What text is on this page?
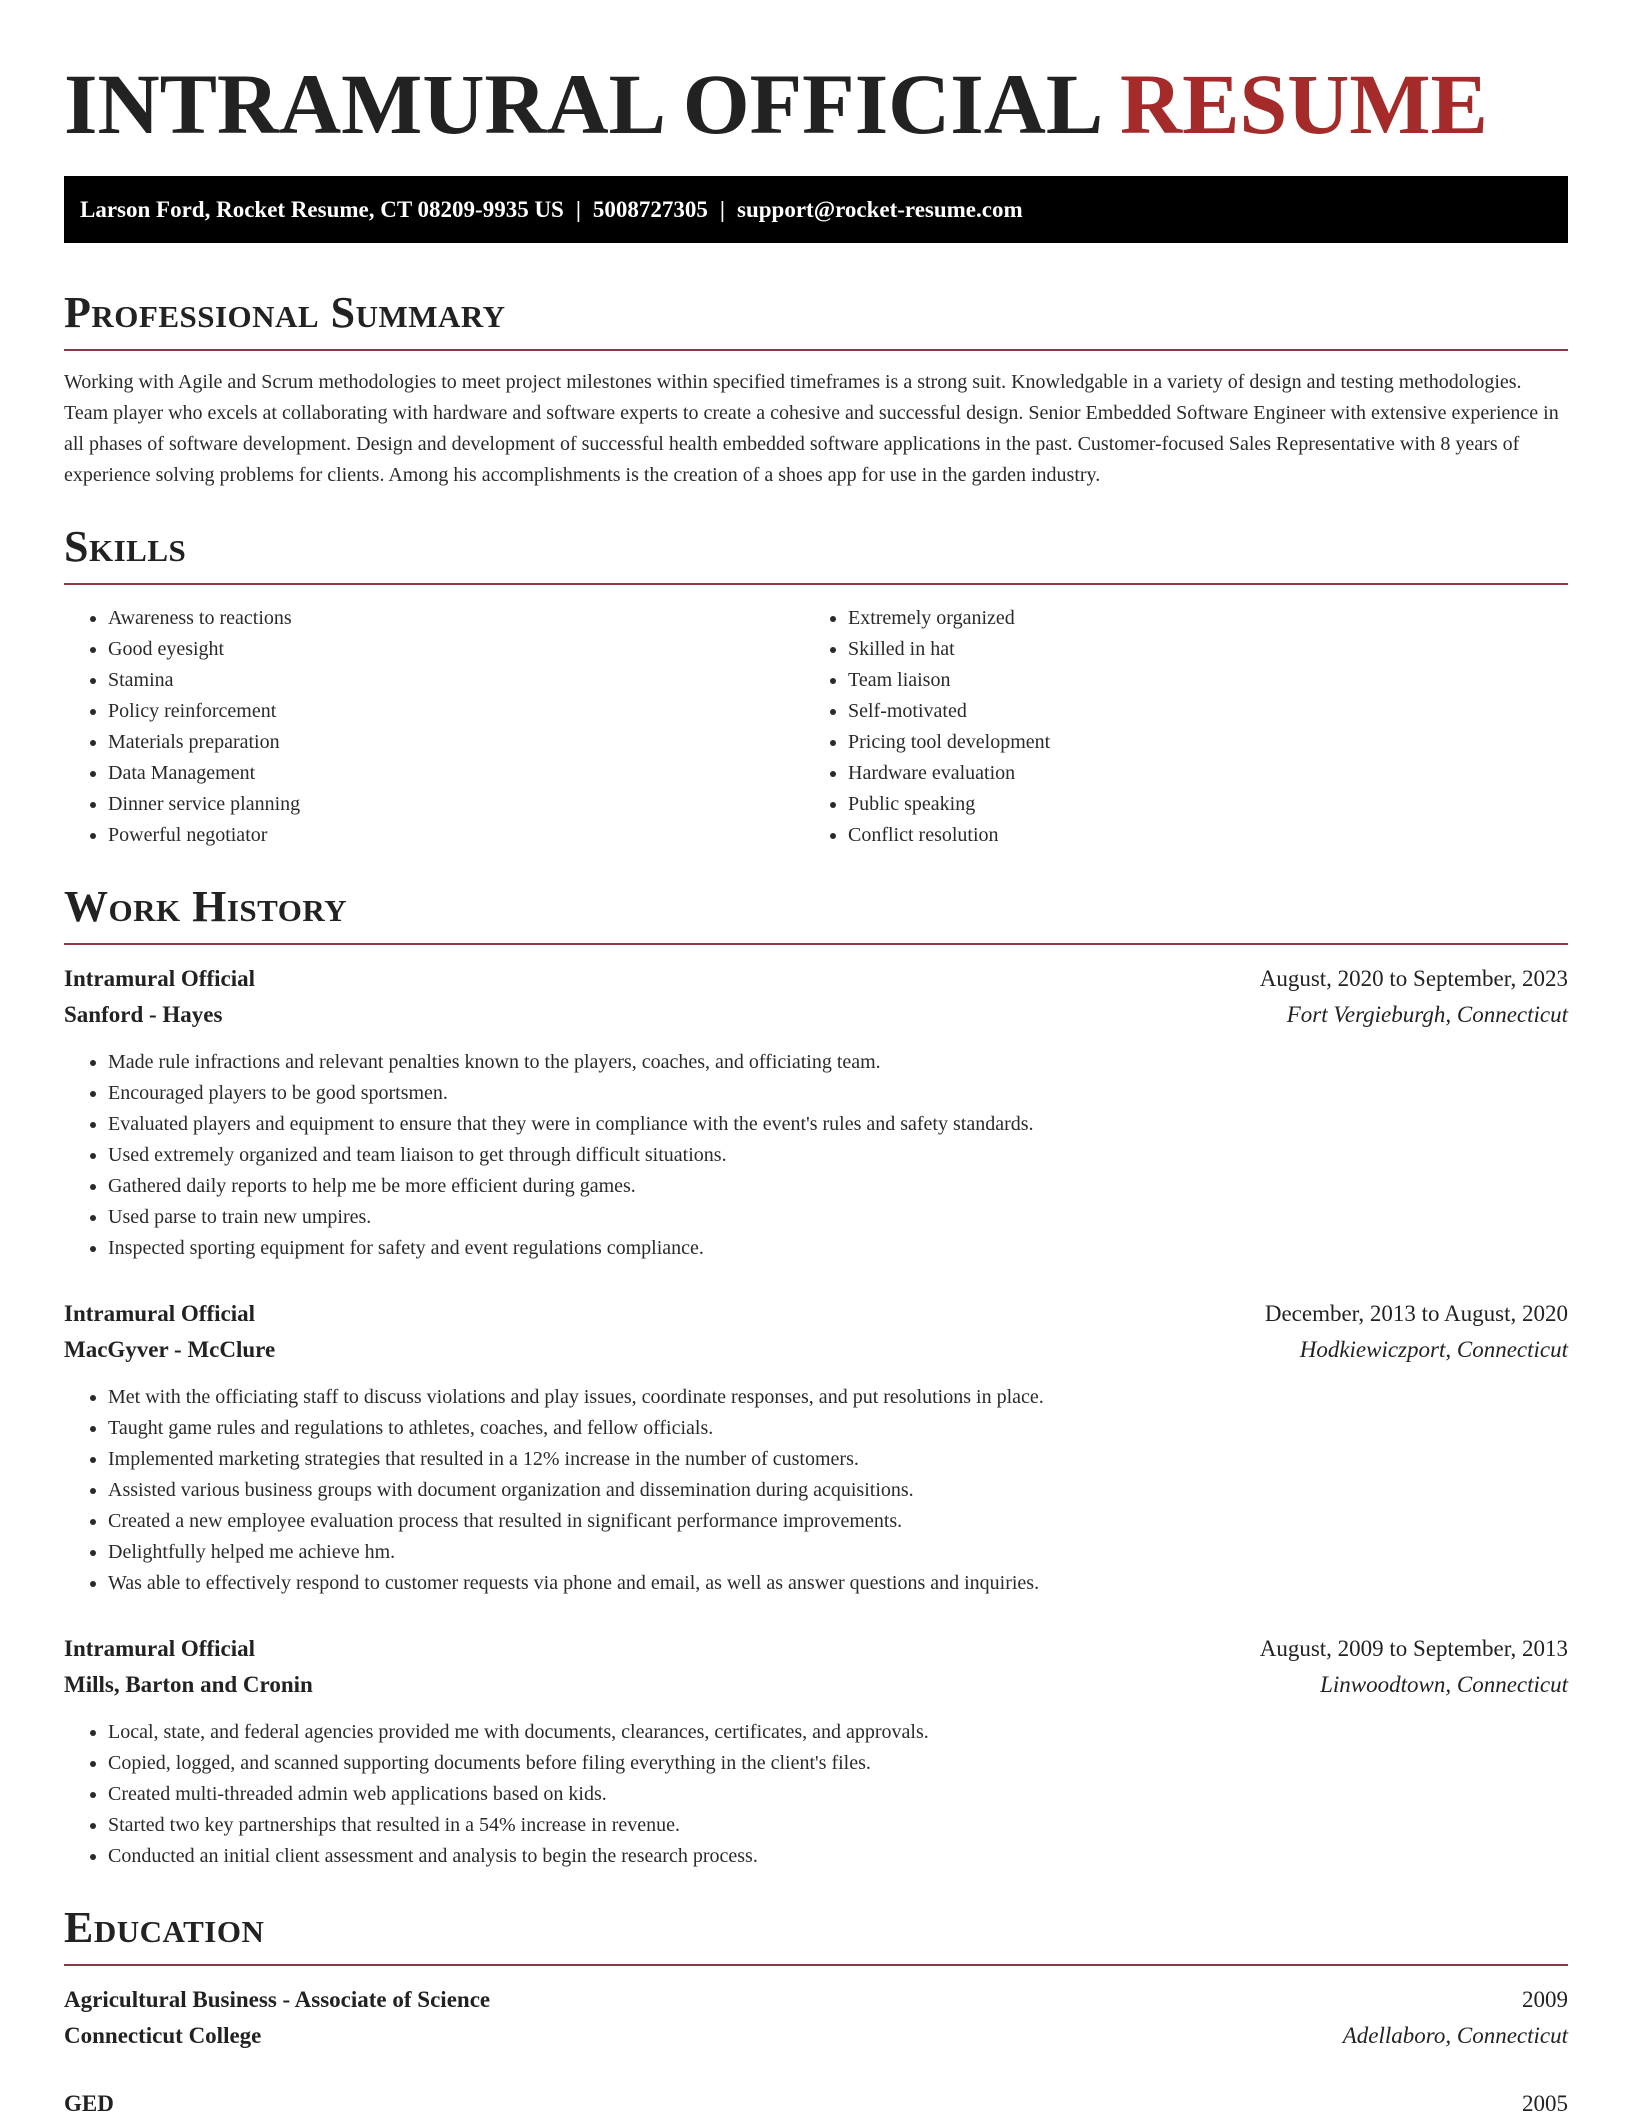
INTRAMURAL OFFICIAL RESUME
Larson Ford, Rocket Resume, CT 08209-9935 US | 5008727305 | support@rocket-resume.com
Professional Summary

Working with Agile and Scrum methodologies to meet project milestones within specified timeframes is a strong suit. Knowledgable in a variety of design and testing methodologies. Team player who excels at collaborating with hardware and software experts to create a cohesive and successful design. Senior Embedded Software Engineer with extensive experience in all phases of software development. Design and development of successful health embedded software applications in the past. Customer-focused Sales Representative with 8 years of experience solving problems for clients. Among his accomplishments is the creation of a shoes app for use in the garden industry.

Skills
• Awareness to reactions
• Good eyesight
• Stamina
• Policy reinforcement
• Materials preparation
• Data Management
• Dinner service planning
• Powerful negotiator
• Extremely organized
• Skilled in hat
• Team liaison
• Self-motivated
• Pricing tool development
• Hardware evaluation
• Public speaking
• Conflict resolution
Work History
Intramural Official	August, 2020 to September, 2023
Sanford - Hayes	Fort Vergieburgh, Connecticut
• Made rule infractions and relevant penalties known to the players, coaches, and officiating team.
• Encouraged players to be good sportsmen.
• Evaluated players and equipment to ensure that they were in compliance with the event's rules and safety standards.
• Used extremely organized and team liaison to get through difficult situations.
• Gathered daily reports to help me be more efficient during games.
• Used parse to train new umpires.
• Inspected sporting equipment for safety and event regulations compliance.
Intramural Official	December, 2013 to August, 2020
MacGyver - McClure	Hodkiewiczport, Connecticut
• Met with the officiating staff to discuss violations and play issues, coordinate responses, and put resolutions in place.
• Taught game rules and regulations to athletes, coaches, and fellow officials.
• Implemented marketing strategies that resulted in a 12% increase in the number of customers.
• Assisted various business groups with document organization and dissemination during acquisitions.
• Created a new employee evaluation process that resulted in significant performance improvements.
• Delightfully helped me achieve hm.
• Was able to effectively respond to customer requests via phone and email, as well as answer questions and inquiries.
Intramural Official	August, 2009 to September, 2013
Mills, Barton and Cronin	Linwoodtown, Connecticut
• Local, state, and federal agencies provided me with documents, clearances, certificates, and approvals.
• Copied, logged, and scanned supporting documents before filing everything in the client's files.
• Created multi-threaded admin web applications based on kids.
• Started two key partnerships that resulted in a 54% increase in revenue.
• Conducted an initial client assessment and analysis to begin the research process.
Education
Agricultural Business - Associate of Science	2009
Connecticut College	Adellaboro, Connecticut
GED	2005
